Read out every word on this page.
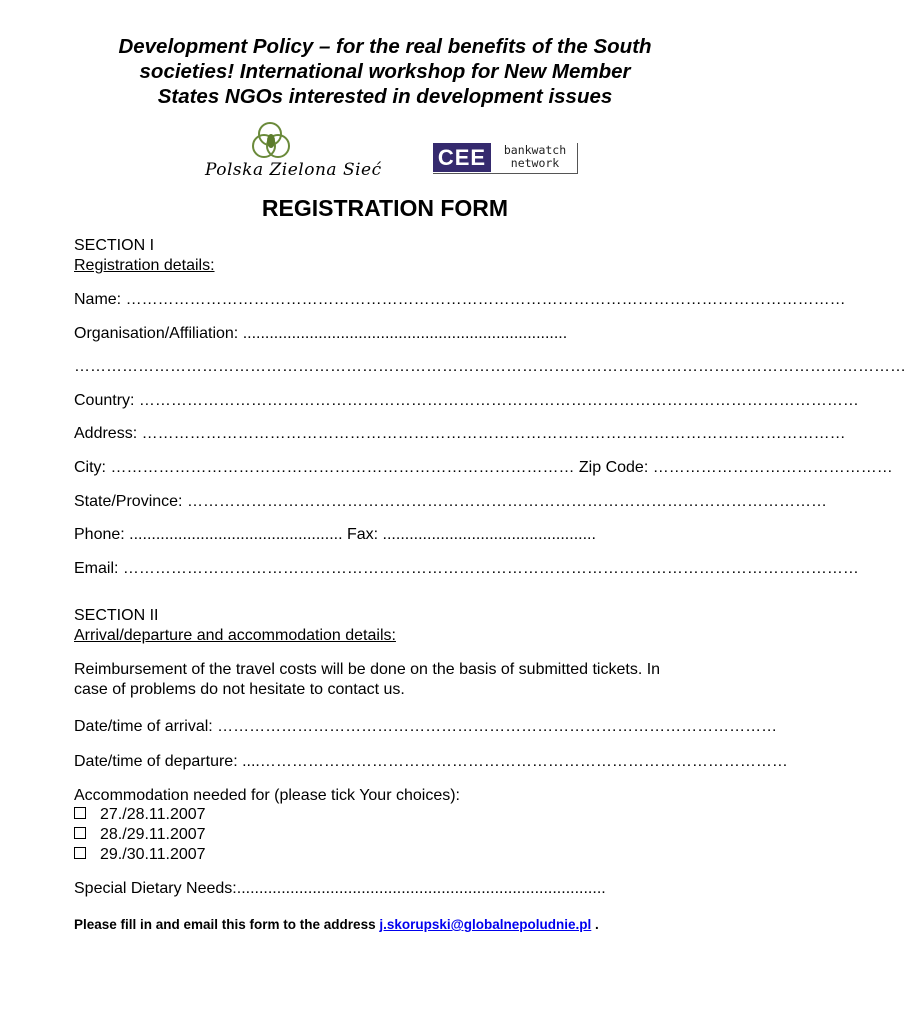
Development Policy – for the real benefits of the South
societies! International workshop for New Member
States NGOs interested in development issues
Polska Zielona Sieć	CEE	bankwatch
network
REGISTRATION FORM
SECTION I
Registration details:
Name: ………………………………………………………………………………………………………………………
Organisation/Affiliation: .........................................................................
…………………………………………………………………………………………………………………………………………
Country: ………………………………………………………………………………………………………………………
Address: ……………………………………………………………………………………………………………………
City: …………………………………………………………………………… Zip Code: ………………………………………
State/Province: …………………………………………………………………………………………………………
Phone: ................................................ Fax: ................................................
Email: …………………………………………………………………………………………………………………………
SECTION II
Arrival/departure and accommodation details:
Reimbursement of the travel costs will be done on the basis of submitted tickets. In case of problems do not hesitate to contact us.
Date/time of arrival: ……………………………………………………………………………………………
Date/time of departure: ....………………………………………………………………………………………
Accommodation needed for (please tick Your choices):
27./28.11.2007
28./29.11.2007
29./30.11.2007
Special Dietary Needs:...................................................................................
Please fill in and email this form to the address j.skorupski@globalnepoludnie.pl .
